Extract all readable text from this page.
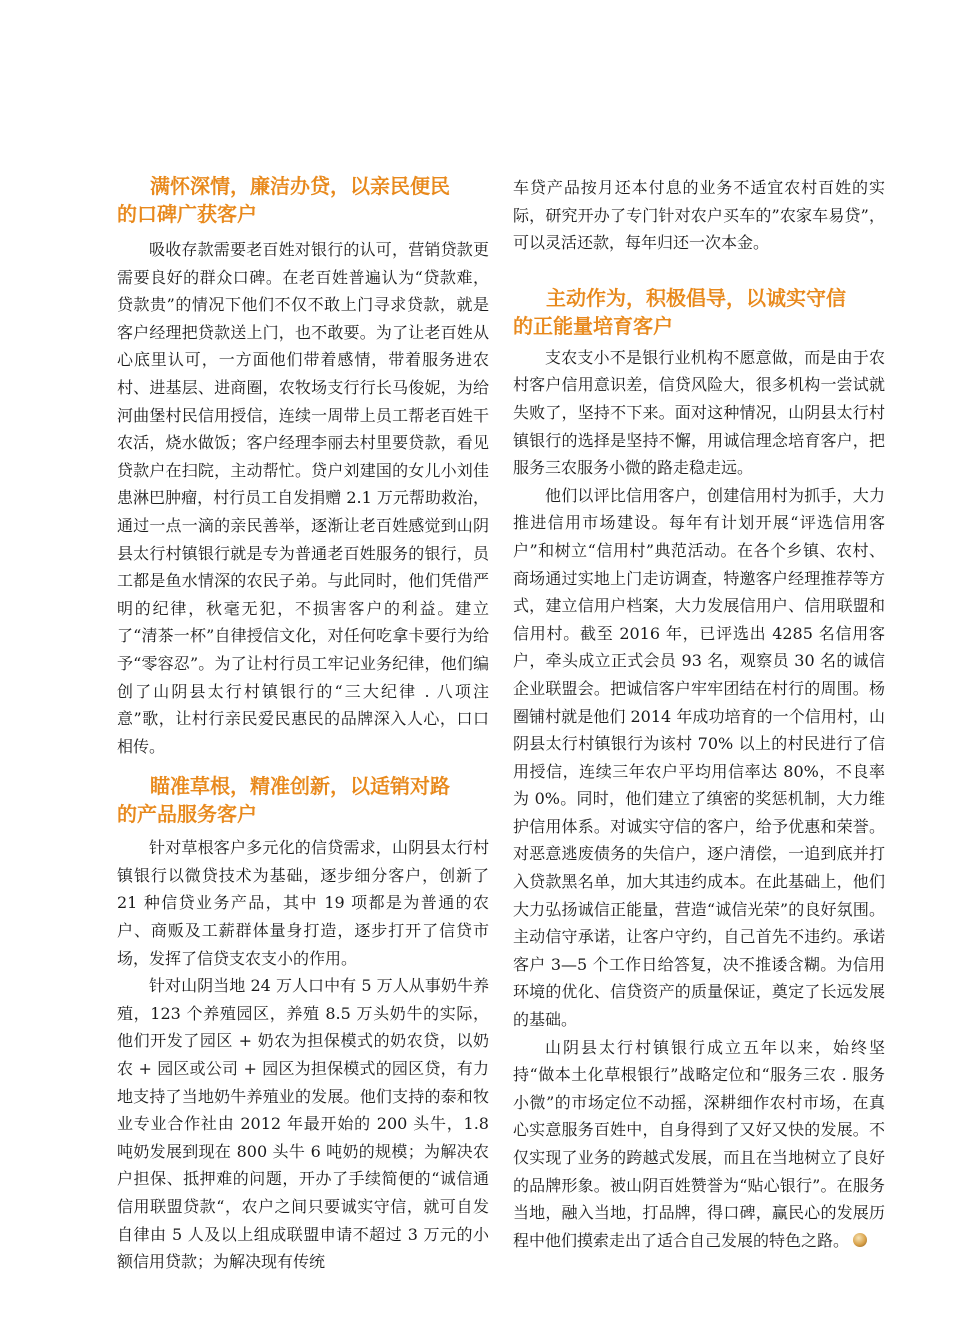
满怀深情，廉洁办贷，以亲民便民
的口碑广获客户

吸收存款需要老百姓对银行的认可，营销贷款更需要良好的群众口碑。在老百姓普遍认为“贷款难，贷款贵”的情况下他们不仅不敢上门寻求贷款，就是客户经理把贷款送上门，也不敢要。为了让老百姓从心底里认可，一方面他们带着感情，带着服务进农村、进基层、进商圈，农牧场支行行长马俊妮，为给河曲堡村民信用授信，连续一周带上员工帮老百姓干农活，烧水做饭；客户经理李丽去村里要贷款，看见贷款户在扫院，主动帮忙。贷户刘建国的女儿小刘佳患淋巴肿瘤，村行员工自发捐赠 2.1 万元帮助救治，通过一点一滴的亲民善举，逐渐让老百姓感觉到山阴县太行村镇银行就是专为普通老百姓服务的银行，员工都是鱼水情深的农民子弟。与此同时，他们凭借严明的纪律，秋毫无犯，不损害客户的利益。建立了“清茶一杯”自律授信文化，对任何吃拿卡要行为给予“零容忍”。为了让村行员工牢记业务纪律，他们编创了山阴县太行村镇银行的“三大纪律 . 八项注意”歌，让村行亲民爱民惠民的品牌深入人心，口口相传。

瞄准草根，精准创新，以适销对路
的产品服务客户

针对草根客户多元化的信贷需求，山阴县太行村镇银行以微贷技术为基础，逐步细分客户，创新了 21 种信贷业务产品，其中 19 项都是为普通的农户、商贩及工薪群体量身打造，逐步打开了信贷市场，发挥了信贷支农支小的作用。

针对山阴当地 24 万人口中有 5 万人从事奶牛养殖，123 个养殖园区，养殖 8.5 万头奶牛的实际，他们开发了园区 + 奶农为担保模式的奶农贷，以奶农 + 园区或公司 + 园区为担保模式的园区贷，有力地支持了当地奶牛养殖业的发展。他们支持的泰和牧业专业合作社由 2012 年最开始的 200 头牛，1.8 吨奶发展到现在 800 头牛 6 吨奶的规模；为解决农户担保、抵押难的问题，开办了手续简便的“诚信通信用联盟贷款“，农户之间只要诚实守信，就可自发自律由 5 人及以上组成联盟申请不超过 3 万元的小额信用贷款；为解决现有传统

车贷产品按月还本付息的业务不适宜农村百姓的实际，研究开办了专门针对农户买车的”农家车易贷”，可以灵活还款，每年归还一次本金。

主动作为，积极倡导，以诚实守信
的正能量培育客户

支农支小不是银行业机构不愿意做，而是由于农村客户信用意识差，信贷风险大，很多机构一尝试就失败了，坚持不下来。面对这种情况，山阴县太行村镇银行的选择是坚持不懈，用诚信理念培育客户，把服务三农服务小微的路走稳走远。

他们以评比信用客户，创建信用村为抓手，大力推进信用市场建设。每年有计划开展“评选信用客户”和树立“信用村”典范活动。在各个乡镇、农村、商场通过实地上门走访调查，特邀客户经理推荐等方式，建立信用户档案，大力发展信用户、信用联盟和信用村。截至 2016 年，已评选出 4285 名信用客户，牵头成立正式会员 93 名，观察员 30 名的诚信企业联盟会。把诚信客户牢牢团结在村行的周围。杨圈铺村就是他们 2014 年成功培育的一个信用村，山阴县太行村镇银行为该村 70% 以上的村民进行了信用授信，连续三年农户平均用信率达 80%，不良率为 0%。同时，他们建立了缜密的奖惩机制，大力维护信用体系。对诚实守信的客户，给予优惠和荣誉。对恶意逃废债务的失信户，逐户清偿，一追到底并打入贷款黑名单，加大其违约成本。在此基础上，他们大力弘扬诚信正能量，营造“诚信光荣”的良好氛围。主动信守承诺，让客户守约，自己首先不违约。承诺客户 3—5 个工作日给答复，决不推诿含糊。为信用环境的优化、信贷资产的质量保证，奠定了长远发展的基础。

山阴县太行村镇银行成立五年以来，始终坚持“做本土化草根银行”战略定位和“服务三农 . 服务小微”的市场定位不动摇，深耕细作农村市场，在真心实意服务百姓中，自身得到了又好又快的发展。不仅实现了业务的跨越式发展，而且在当地树立了良好的品牌形象。被山阴百姓赞誉为“贴心银行”。在服务当地，融入当地，打品牌，得口碑，赢民心的发展历程中他们摸索走出了适合自己发展的特色之路。
